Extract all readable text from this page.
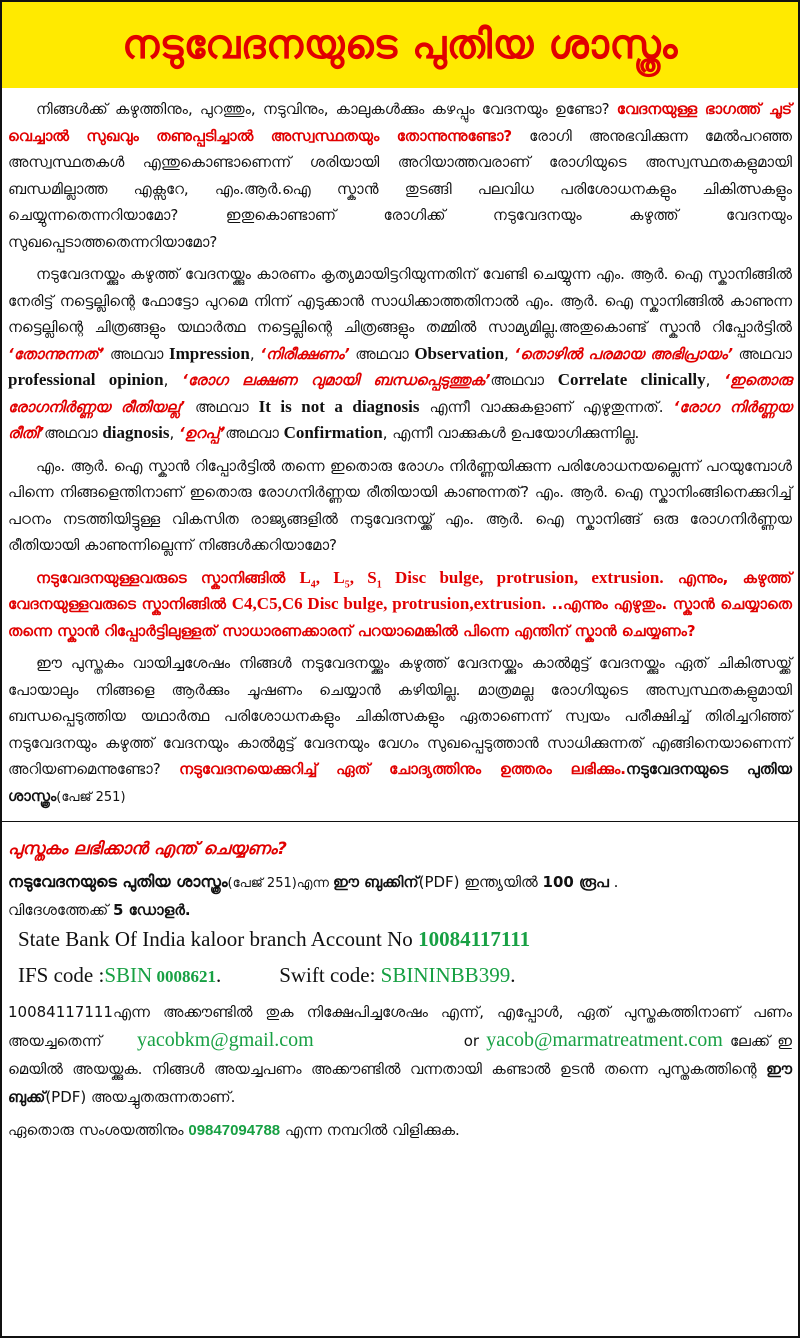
നടുവേദനയുടെ പുതിയ ശാസ്ത്രം

നിങ്ങൾക്ക് കഴുത്തിനും, പുറത്തും, നടുവിനും, കാലുകൾക്കും കഴപ്പും വേദനയും ഉണ്ടോ? വേദനയുള്ള ഭാഗത്ത് ചൂട് വെച്ചാൽ സുഖവും തണുപ്പടിച്ചാൽ അസ്വസ്ഥതയും തോന്നുന്നുണ്ടോ? രോഗി അനുഭവിക്കുന്ന മേൽപറഞ്ഞ അസ്വസ്ഥതകൾ എന്തുകൊണ്ടാണെന്ന് ശരിയായി അറിയാത്തവരാണ് രോഗിയുടെ അസ്വസ്ഥതകളുമായി ബന്ധമില്ലാത്ത എക്സറേ, എം.ആർ.ഐ സ്കാൻ തുടങ്ങി പലവിധ പരിശോധനകളും ചികിത്സകളും ചെയ്യുന്നതെന്നറിയാമോ? ഇതുകൊണ്ടാണ് രോഗിക്ക് നടുവേദനയും കഴുത്ത് വേദനയും സുഖപ്പെടാത്തതെന്നറിയാമോ?

നടുവേദനയ്ക്കും കഴുത്ത് വേദനയ്ക്കും കാരണം കൃത്യമായിട്ടറിയുന്നതിന് വേണ്ടി ചെയ്യുന്ന എം. ആർ. ഐ സ്കാനിങ്ങിൽ നേരിട്ട് നട്ടെല്ലിന്റെ ഫോട്ടോ പുറമെ നിന്ന് എടുക്കാൻ സാധിക്കാത്തതിനാൽ എം. ആർ. ഐ സ്കാനിങ്ങിൽ കാണുന്ന നട്ടെല്ലിന്റെ ചിത്രങ്ങളും യഥാർത്ഥ നട്ടെല്ലിന്റെ ചിത്രങ്ങളും തമ്മിൽ സാമ്യമില്ല.അതുകൊണ്ട് സ്കാൻ റിപ്പോർട്ടിൽ ‘തോന്നുന്നത്’ അഥവാ Impression, ‘നിരീക്ഷണം’ അഥവാ Observation, ‘തൊഴിൽ പരമായ അഭിപ്രായം’ അഥവാ professional opinion, ‘രോഗ ലക്ഷണ വുമായി ബന്ധപ്പെടുത്തുക’അഥവാ Correlate clinically, ‘ഇതൊരു രോഗനിർണ്ണയ രീതിയല്ല’ അഥവാ It is not a diagnosis എന്നീ വാക്കുകളാണ് എഴുതുന്നത്. ‘രോഗ നിർണ്ണയ രീതി’അഥവാ diagnosis, ‘ഉറപ്പ്’അഥവാ Confirmation, എന്നീ വാക്കുകൾ ഉപയോഗിക്കുന്നില്ല.

എം. ആർ. ഐ സ്കാൻ റിപ്പോർട്ടിൽ തന്നെ ഇതൊരു രോഗം നിർണ്ണയിക്കുന്ന പരിശോധനയല്ലെന്ന് പറയുമ്പോൾ പിന്നെ നിങ്ങളെന്തിനാണ് ഇതൊരു രോഗനിർണ്ണയ രീതിയായി കാണുന്നത്? എം. ആർ. ഐ സ്കാനിംങ്ങിനെക്കുറിച്ച് പഠനം നടത്തിയിട്ടുള്ള വികസിത രാജ്യങ്ങളിൽ നടുവേദനയ്ക്ക് എം. ആർ. ഐ സ്കാനിങ്ങ് ഒരു രോഗനിർണ്ണയ രീതിയായി കാണുന്നില്ലെന്ന് നിങ്ങൾക്കറിയാമോ?

നടുവേദനയുള്ളവരുടെ സ്കാനിങ്ങിൽ $L_4$, $L_5$, $S_1$ Disc bulge, protrusion, extrusion. എന്നും, കഴുത്ത് വേദനയുള്ളവരുടെ സ്കാനിങ്ങിൽ C4,C5,C6 Disc bulge, protrusion,extrusion. ..എന്നും എഴുതും. സ്കാൻ ചെയ്യാതെ തന്നെ സ്കാൻ റിപ്പോർട്ടിലുള്ളത് സാധാരണക്കാരന് പറയാമെങ്കിൽ പിന്നെ എന്തിന് സ്കാൻ ചെയ്യണം?

ഈ പുസ്തകം വായിച്ചശേഷം നിങ്ങൾ നടുവേദനയ്ക്കും കഴുത്ത് വേദനയ്ക്കും കാൽമുട്ട് വേദനയ്ക്കും ഏത് ചികിത്സയ്ക്ക് പോയാലും നിങ്ങളെ ആർക്കും ചൂഷണം ചെയ്യാൻ കഴിയില്ല. മാത്രമല്ല രോഗിയുടെ അസ്വസ്ഥതകളുമായി ബന്ധപ്പെടുത്തിയ യഥാർത്ഥ പരിശോധനകളും ചികിത്സകളും ഏതാണെന്ന് സ്വയം പരീക്ഷിച്ച് തിരിച്ചറിഞ്ഞ് നടുവേദനയും കഴുത്ത് വേദനയും കാൽമുട്ട് വേദനയും വേഗം സുഖപ്പെടുത്താൻ സാധിക്കുന്നത് എങ്ങിനെയാണെന്ന് അറിയണമെന്നുണ്ടോ? നടുവേദനയെക്കുറിച്ച് ഏത് ചോദ്യത്തിനും ഉത്തരം ലഭിക്കും.നടുവേദനയുടെ പുതിയ ശാസ്ത്രം(പേജ് 251)

പുസ്തകം ലഭിക്കാൻ എന്ത് ചെയ്യണം?

നടുവേദനയുടെ പുതിയ ശാസ്ത്രം(പേജ് 251)എന്ന ഈ ബുക്കിന്(PDF) ഇന്ത്യയിൽ 100 രൂപ .

വിദേശത്തേക്ക് 5 ഡോളർ.

State Bank Of India kaloor branch Account No 10084117111

IFS code :SBIN 0008621.	Swift code: SBININBB399.

10084117111എന്ന അക്കൗണ്ടിൽ തുക നിക്ഷേപിച്ചശേഷം എന്ന്, എപ്പോൾ, ഏത് പുസ്തകത്തിനാണ് പണം അയച്ചതെന്ന് yacobkm@gmail.com	or yacob@marmatreatment.com ലേക്ക് ഇ മെയിൽ അയയ്ക്കുക. നിങ്ങൾ അയച്ചപണം അക്കൗണ്ടിൽ വന്നതായി കണ്ടാൽ ഉടൻ തന്നെ പുസ്തകത്തിന്റെ ഈ ബുക്ക്(PDF) അയച്ചുതരുന്നതാണ്.

ഏതൊരു സംശയത്തിനും 09847094788 എന്ന നമ്പറിൽ വിളിക്കുക.
